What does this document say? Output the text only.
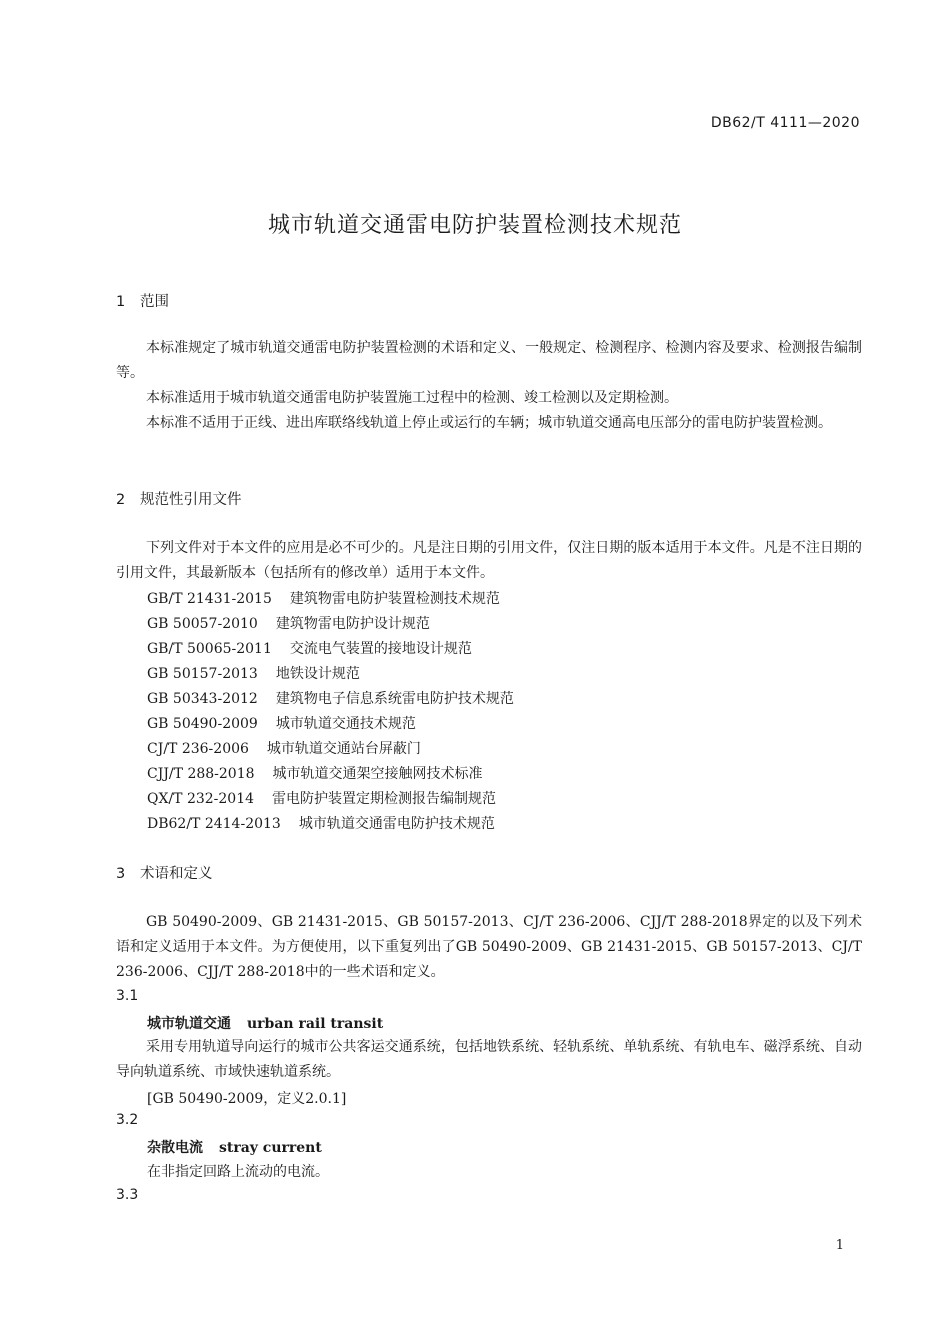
DB62/T 4111—2020
城市轨道交通雷电防护装置检测技术规范
1 范围
本标准规定了城市轨道交通雷电防护装置检测的术语和定义、一般规定、检测程序、检测内容及要求、检测报告编制等。
本标准适用于城市轨道交通雷电防护装置施工过程中的检测、竣工检测以及定期检测。
本标准不适用于正线、进出库联络线轨道上停止或运行的车辆；城市轨道交通高电压部分的雷电防护装置检测。
2 规范性引用文件
下列文件对于本文件的应用是必不可少的。凡是注日期的引用文件，仅注日期的版本适用于本文件。凡是不注日期的引用文件，其最新版本（包括所有的修改单）适用于本文件。
GB/T 21431-2015 建筑物雷电防护装置检测技术规范
GB 50057-2010 建筑物雷电防护设计规范
GB/T 50065-2011 交流电气装置的接地设计规范
GB 50157-2013 地铁设计规范
GB 50343-2012 建筑物电子信息系统雷电防护技术规范
GB 50490-2009 城市轨道交通技术规范
CJ/T 236-2006 城市轨道交通站台屏蔽门
CJJ/T 288-2018 城市轨道交通架空接触网技术标准
QX/T 232-2014 雷电防护装置定期检测报告编制规范
DB62/T 2414-2013 城市轨道交通雷电防护技术规范
3 术语和定义
GB 50490-2009、GB 21431-2015、GB 50157-2013、CJ/T 236-2006、CJJ/T 288-2018界定的以及下列术语和定义适用于本文件。为方便使用，以下重复列出了GB 50490-2009、GB 21431-2015、GB 50157-2013、CJ/T 236-2006、CJJ/T 288-2018中的一些术语和定义。
3.1
城市轨道交通 urban rail transit
采用专用轨道导向运行的城市公共客运交通系统，包括地铁系统、轻轨系统、单轨系统、有轨电车、磁浮系统、自动导向轨道系统、市域快速轨道系统。
[GB 50490-2009，定义2.0.1]
3.2
杂散电流 stray current
在非指定回路上流动的电流。
3.3
1
